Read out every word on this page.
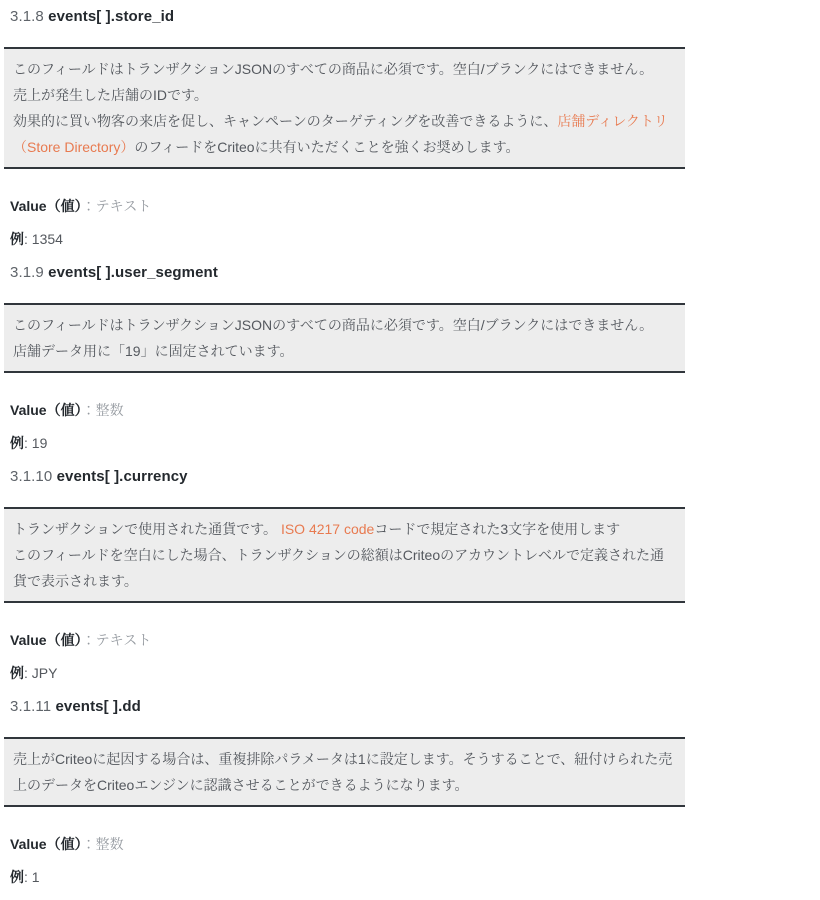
3.1.8 events[ ].store_id

このフィールドはトランザクションJSONのすべての商品に必須です。空白/ブランクにはできません。

売上が発生した店舗のIDです。

効果的に買い物客の来店を促し、キャンペーンのターゲティングを改善できるように、店舗ディレクトリ（Store Directory）のフィードをCriteoに共有いただくことを強くお奨めします。

Value（値）：テキスト

例: 1354

3.1.9 events[ ].user_segment

このフィールドはトランザクションJSONのすべての商品に必須です。空白/ブランクにはできません。

店舗データ用に「19」に固定されています。

Value（値）：整数

例: 19

3.1.10 events[ ].currency

トランザクションで使用された通貨です。 ISO 4217 codeコードで規定された3文字を使用します

このフィールドを空白にした場合、トランザクションの総額はCriteoのアカウントレベルで定義された通貨で表示されます。

Value（値）：テキスト

例: JPY

3.1.11 events[ ].dd

売上がCriteoに起因する場合は、重複排除パラメータは1に設定します。そうすることで、紐付けられた売上のデータをCriteoエンジンに認識させることができるようになります。

Value（値）：整数

例: 1
